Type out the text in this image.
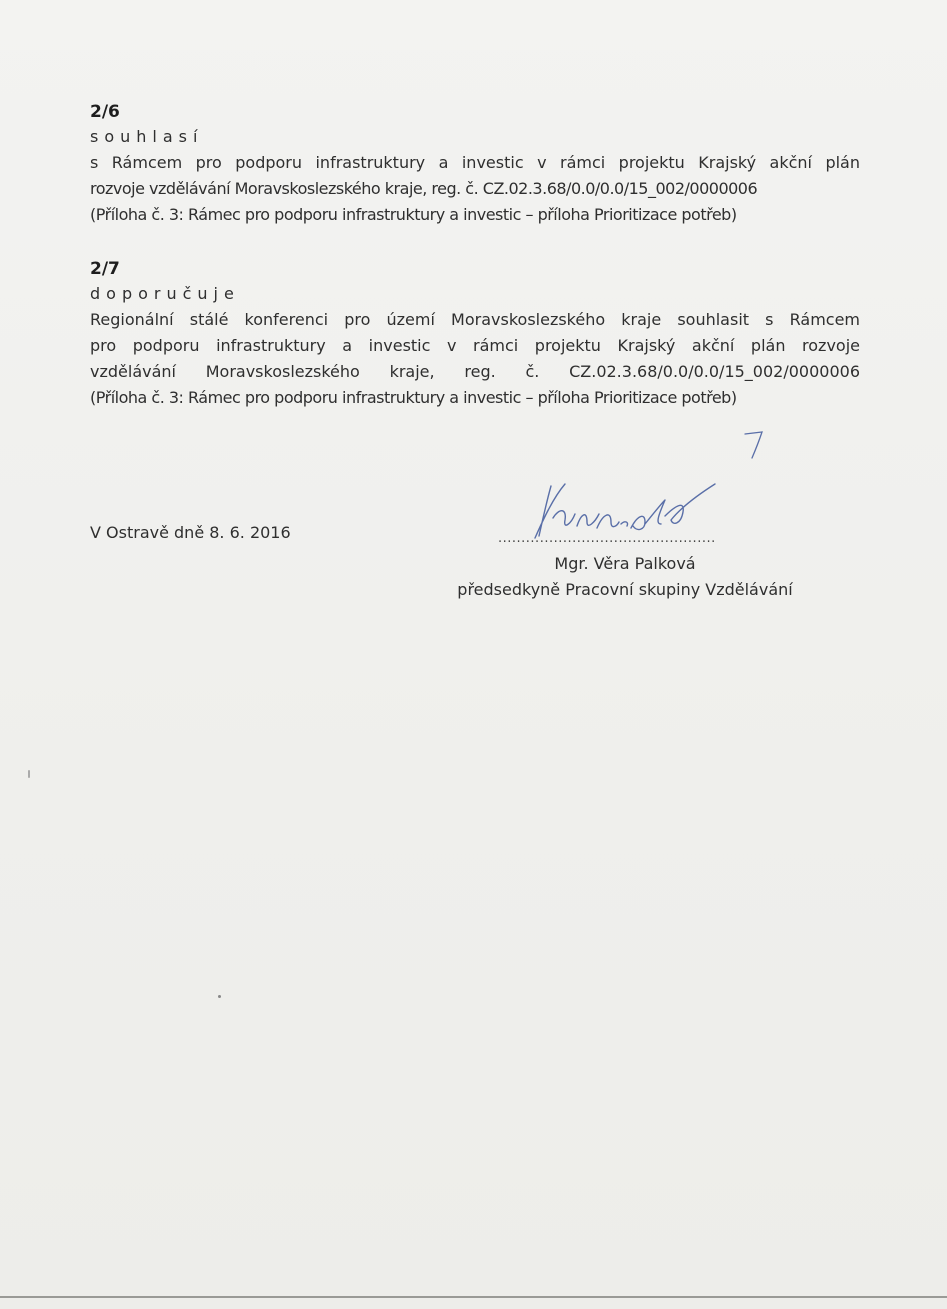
2/6

souhlasí

s Rámcem pro podporu infrastruktury a investic v rámci projektu Krajský akční plán
rozvoje vzdělávání Moravskoslezského kraje, reg. č. CZ.02.3.68/0.0/0.0/15_002/0000006
(Příloha č. 3: Rámec pro podporu infrastruktury a investic – příloha Prioritizace potřeb)

2/7

doporučuje

Regionální stálé konferenci pro území Moravskoslezského kraje souhlasit s Rámcem
pro podporu infrastruktury a investic v rámci projektu Krajský akční plán rozvoje
vzdělávání Moravskoslezského kraje, reg. č. CZ.02.3.68/0.0/0.0/15_002/0000006
(Příloha č. 3: Rámec pro podporu infrastruktury a investic – příloha Prioritizace potřeb)

V Ostravě dně 8. 6. 2016	...............................................
Mgr. Věra Palková
předsedkyně Pracovní skupiny Vzdělávání
